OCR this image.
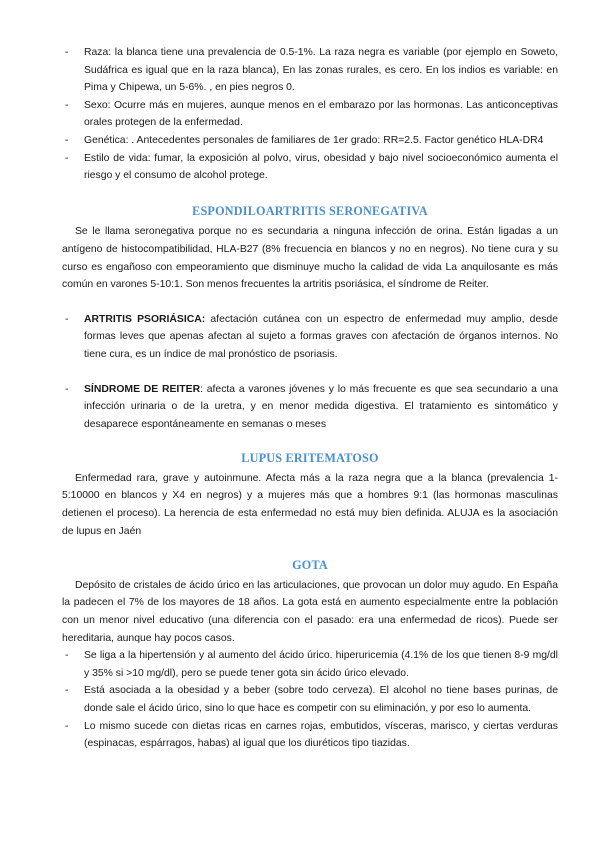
- Raza: la blanca tiene una prevalencia de 0.5-1%. La raza negra es variable (por ejemplo en Soweto, Sudáfrica es igual que en la raza blanca), En las zonas rurales, es cero. En los indios es variable: en Pima y Chipewa, un 5-6%. , en pies negros 0.
- Sexo: Ocurre más en mujeres, aunque menos en el embarazo por las hormonas. Las anticonceptivas orales protegen de la enfermedad.
- Genética: . Antecedentes personales de familiares de 1er grado: RR=2.5. Factor genético HLA-DR4
- Estilo de vida: fumar, la exposición al polvo, virus, obesidad y bajo nivel socioeconómico aumenta el riesgo y el consumo de alcohol protege.
ESPONDILOARTRITIS SERONEGATIVA

Se le llama seronegativa porque no es secundaria a ninguna infección de orina. Están ligadas a un antígeno de histocompatibilidad, HLA-B27 (8% frecuencia en blancos y no en negros). No tiene cura y su curso es engañoso con empeoramiento que disminuye mucho la calidad de vida La anquilosante es más común en varones 5-10:1. Son menos frecuentes la artritis psoriásica, el síndrome de Reiter.

- ARTRITIS PSORIÁSICA: afectación cutánea con un espectro de enfermedad muy amplio, desde formas leves que apenas afectan al sujeto a formas graves con afectación de órganos internos. No tiene cura, es un índice de mal pronóstico de psoriasis.
- SÍNDROME DE REITER: afecta a varones jóvenes y lo más frecuente es que sea secundario a una infección urinaria o de la uretra, y en menor medida digestiva. El tratamiento es sintomático y desaparece espontáneamente en semanas o meses
LUPUS ERITEMATOSO

Enfermedad rara, grave y autoinmune. Afecta más a la raza negra que a la blanca (prevalencia 1-5:10000 en blancos y X4 en negros) y a mujeres más que a hombres 9:1 (las hormonas masculinas detienen el proceso). La herencia de esta enfermedad no está muy bien definida. ALUJA es la asociación de lupus en Jaén

GOTA

Depósito de cristales de ácido úrico en las articulaciones, que provocan un dolor muy agudo. En España la padecen el 7% de los mayores de 18 años. La gota está en aumento especialmente entre la población con un menor nivel educativo (una diferencia con el pasado: era una enfermedad de ricos). Puede ser hereditaria, aunque hay pocos casos.

- Se liga a la hipertensión y al aumento del ácido úrico. hiperuricemia (4.1% de los que tienen 8-9 mg/dl y 35% si >10 mg/dl), pero se puede tener gota sin ácido úrico elevado.
- Está asociada a la obesidad y a beber (sobre todo cerveza). El alcohol no tiene bases purinas, de donde sale el ácido úrico, sino lo que hace es competir con su eliminación, y por eso lo aumenta.
- Lo mismo sucede con dietas ricas en carnes rojas, embutidos, vísceras, marisco, y ciertas verduras (espinacas, espárragos, habas) al igual que los diuréticos tipo tiazidas.
